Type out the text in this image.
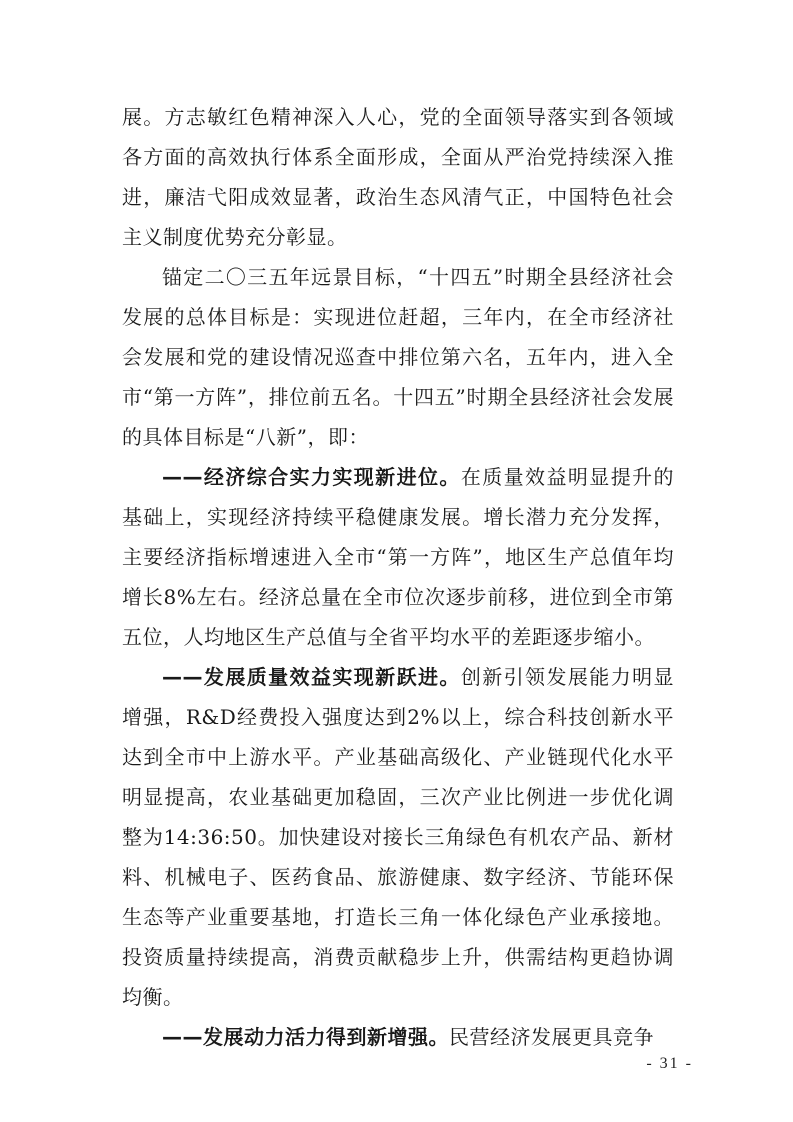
展。方志敏红色精神深入人心，党的全面领导落实到各领域各方面的高效执行体系全面形成，全面从严治党持续深入推进，廉洁弋阳成效显著，政治生态风清气正，中国特色社会主义制度优势充分彰显。

锚定二〇三五年远景目标，“十四五”时期全县经济社会发展的总体目标是：实现进位赶超，三年内，在全市经济社会发展和党的建设情况巡查中排位第六名，五年内，进入全市“第一方阵”，排位前五名。十四五”时期全县经济社会发展的具体目标是“八新”，即：

——经济综合实力实现新进位。在质量效益明显提升的基础上，实现经济持续平稳健康发展。增长潜力充分发挥，主要经济指标增速进入全市“第一方阵”，地区生产总值年均增长8%左右。经济总量在全市位次逐步前移，进位到全市第五位，人均地区生产总值与全省平均水平的差距逐步缩小。

——发展质量效益实现新跃进。创新引领发展能力明显增强，R&D经费投入强度达到2%以上，综合科技创新水平达到全市中上游水平。产业基础高级化、产业链现代化水平明显提高，农业基础更加稳固，三次产业比例进一步优化调整为14:36:50。加快建设对接长三角绿色有机农产品、新材料、机械电子、医药食品、旅游健康、数字经济、节能环保生态等产业重要基地，打造长三角一体化绿色产业承接地。投资质量持续提高，消费贡献稳步上升，供需结构更趋协调均衡。

——发展动力活力得到新增强。民营经济发展更具竞争

- 31 -
